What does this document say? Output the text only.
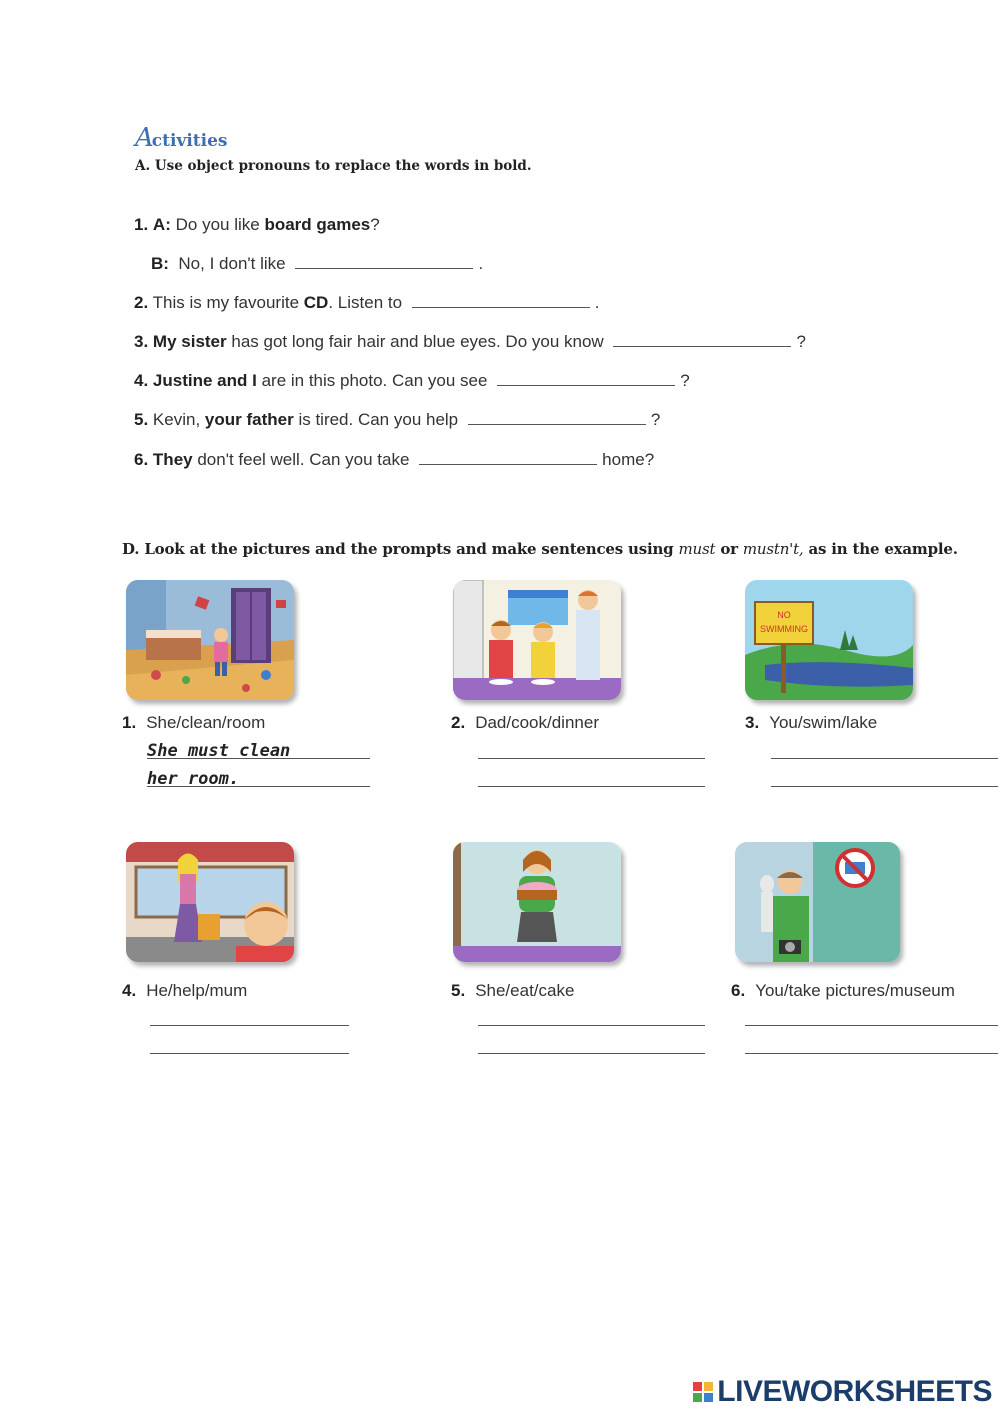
Activities
A. Use object pronouns to replace the words in bold.
1. A: Do you like board games?
B: No, I don't like	.
2. This is my favourite CD. Listen to	.
3. My sister has got long fair hair and blue eyes. Do you know	?
4. Justine and I are in this photo. Can you see	?
5. Kevin, your father is tired. Can you help	?
6. They don't feel well. Can you take	home?
D. Look at the pictures and the prompts and make sentences using must or mustn't, as in the example.
NO
SWIMMING
1. She/clean/room	2. Dad/cook/dinner	3. You/swim/lake
She must clean
her room.
4. He/help/mum	5. She/eat/cake	6. You/take pictures/museum
LIVEWORKSHEETS
